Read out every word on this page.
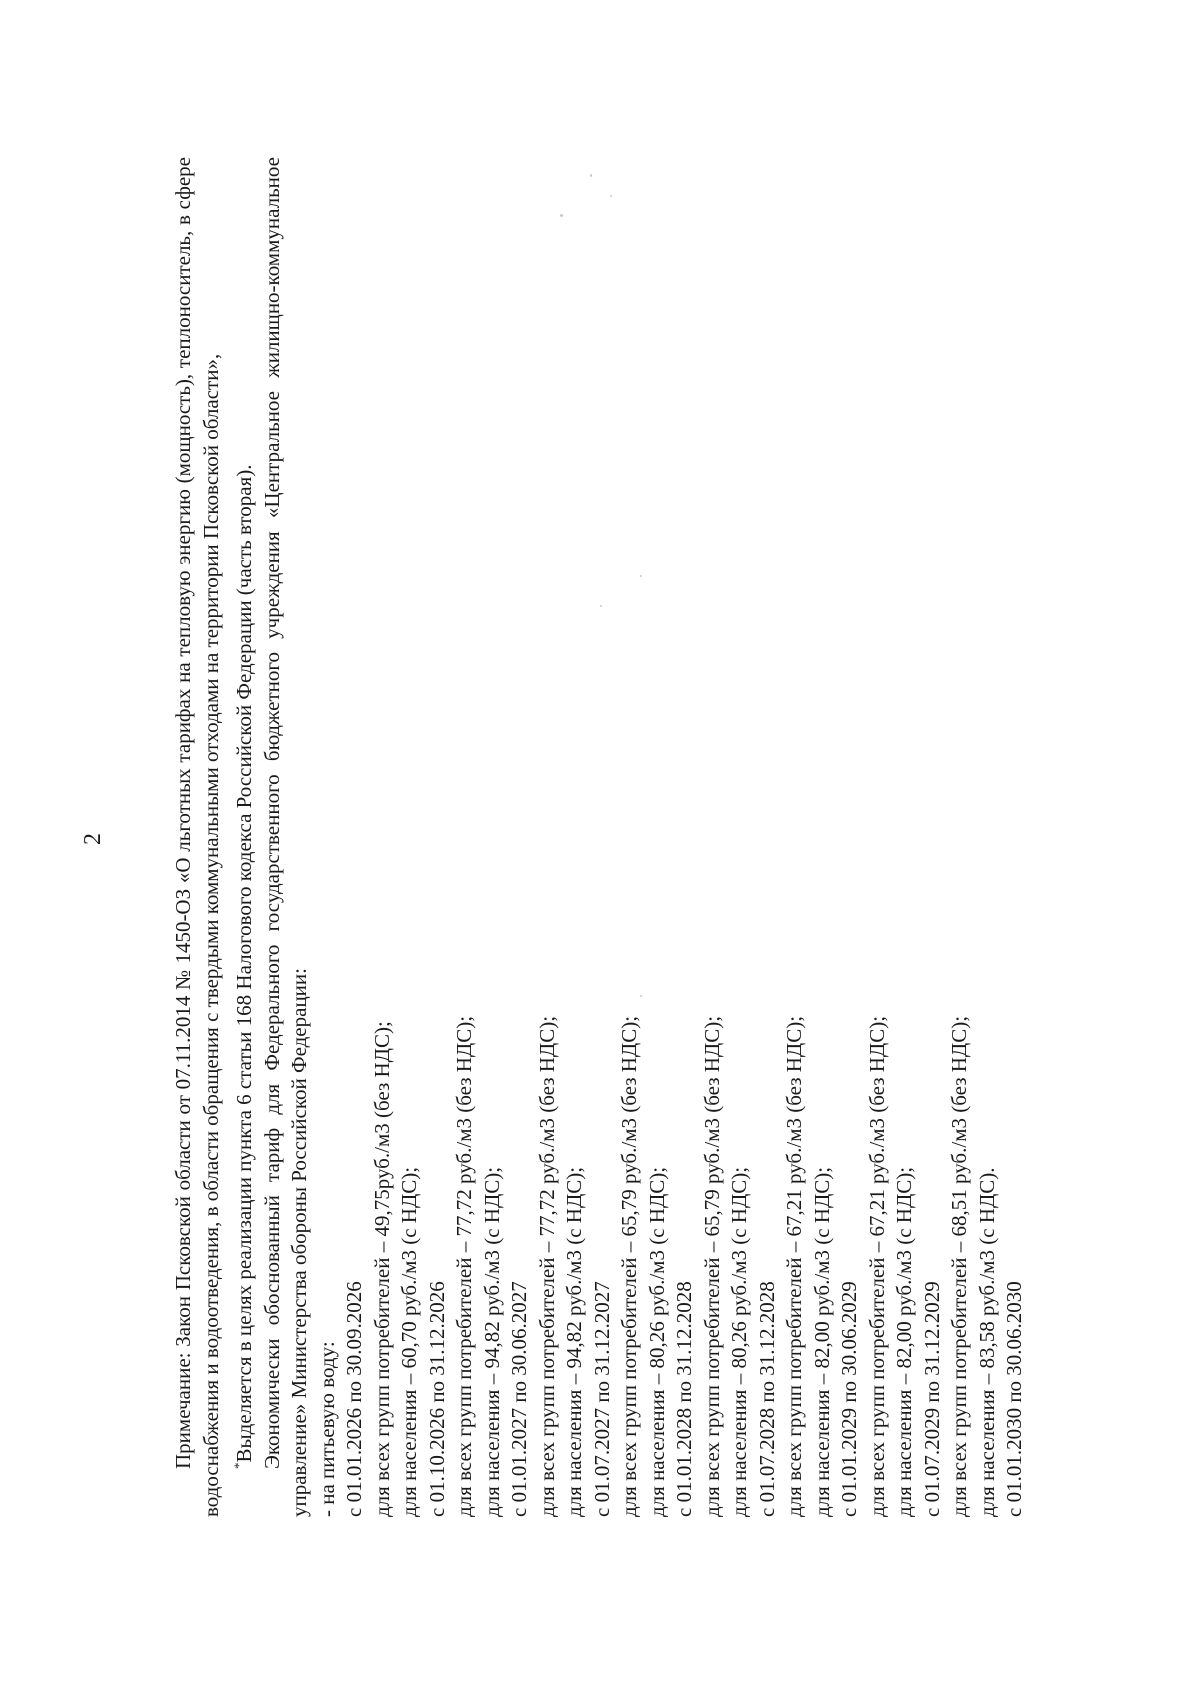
2	Примечание: Закон Псковской области от 07.11.2014 № 1450-ОЗ «О льготных тарифах на тепловую энергию (мощность), теплоноситель, в сфере водоснабжения и водоотведения, в области обращения с твердыми коммунальными отходами на территории Псковской области», *Выделяется в целях реализации пункта 6 статьи 168 Налогового кодекса Российской Федерации (часть вторая). Экономически обоснованный тариф для Федерального государственного бюджетного учреждения «Центральное жилищно-коммунальное управление» Министерства обороны Российской Федерации: - на питьевую воду: с 01.01.2026 по 30.09.2026 для всех групп потребителей – 49,75руб./м3 (без НДС); для населения – 60,70 руб./м3 (с НДС); с 01.10.2026 по 31.12.2026 для всех групп потребителей – 77,72 руб./м3 (без НДС); для населения – 94,82 руб./м3 (с НДС); с 01.01.2027 по 30.06.2027 для всех групп потребителей – 77,72 руб./м3 (без НДС); для населения – 94,82 руб./м3 (с НДС); с 01.07.2027 по 31.12.2027 для всех групп потребителей – 65,79 руб./м3 (без НДС); для населения – 80,26 руб./м3 (с НДС); с 01.01.2028 по 31.12.2028 для всех групп потребителей – 65,79 руб./м3 (без НДС); для населения – 80,26 руб./м3 (с НДС); с 01.07.2028 по 31.12.2028 для всех групп потребителей – 67,21 руб./м3 (без НДС); для населения – 82,00 руб./м3 (с НДС); с 01.01.2029 по 30.06.2029 для всех групп потребителей – 67,21 руб./м3 (без НДС); для населения – 82,00 руб./м3 (с НДС); с 01.07.2029 по 31.12.2029 для всех групп потребителей – 68,51 руб./м3 (без НДС); для населения – 83,58 руб./м3 (с НДС). с 01.01.2030 по 30.06.2030
